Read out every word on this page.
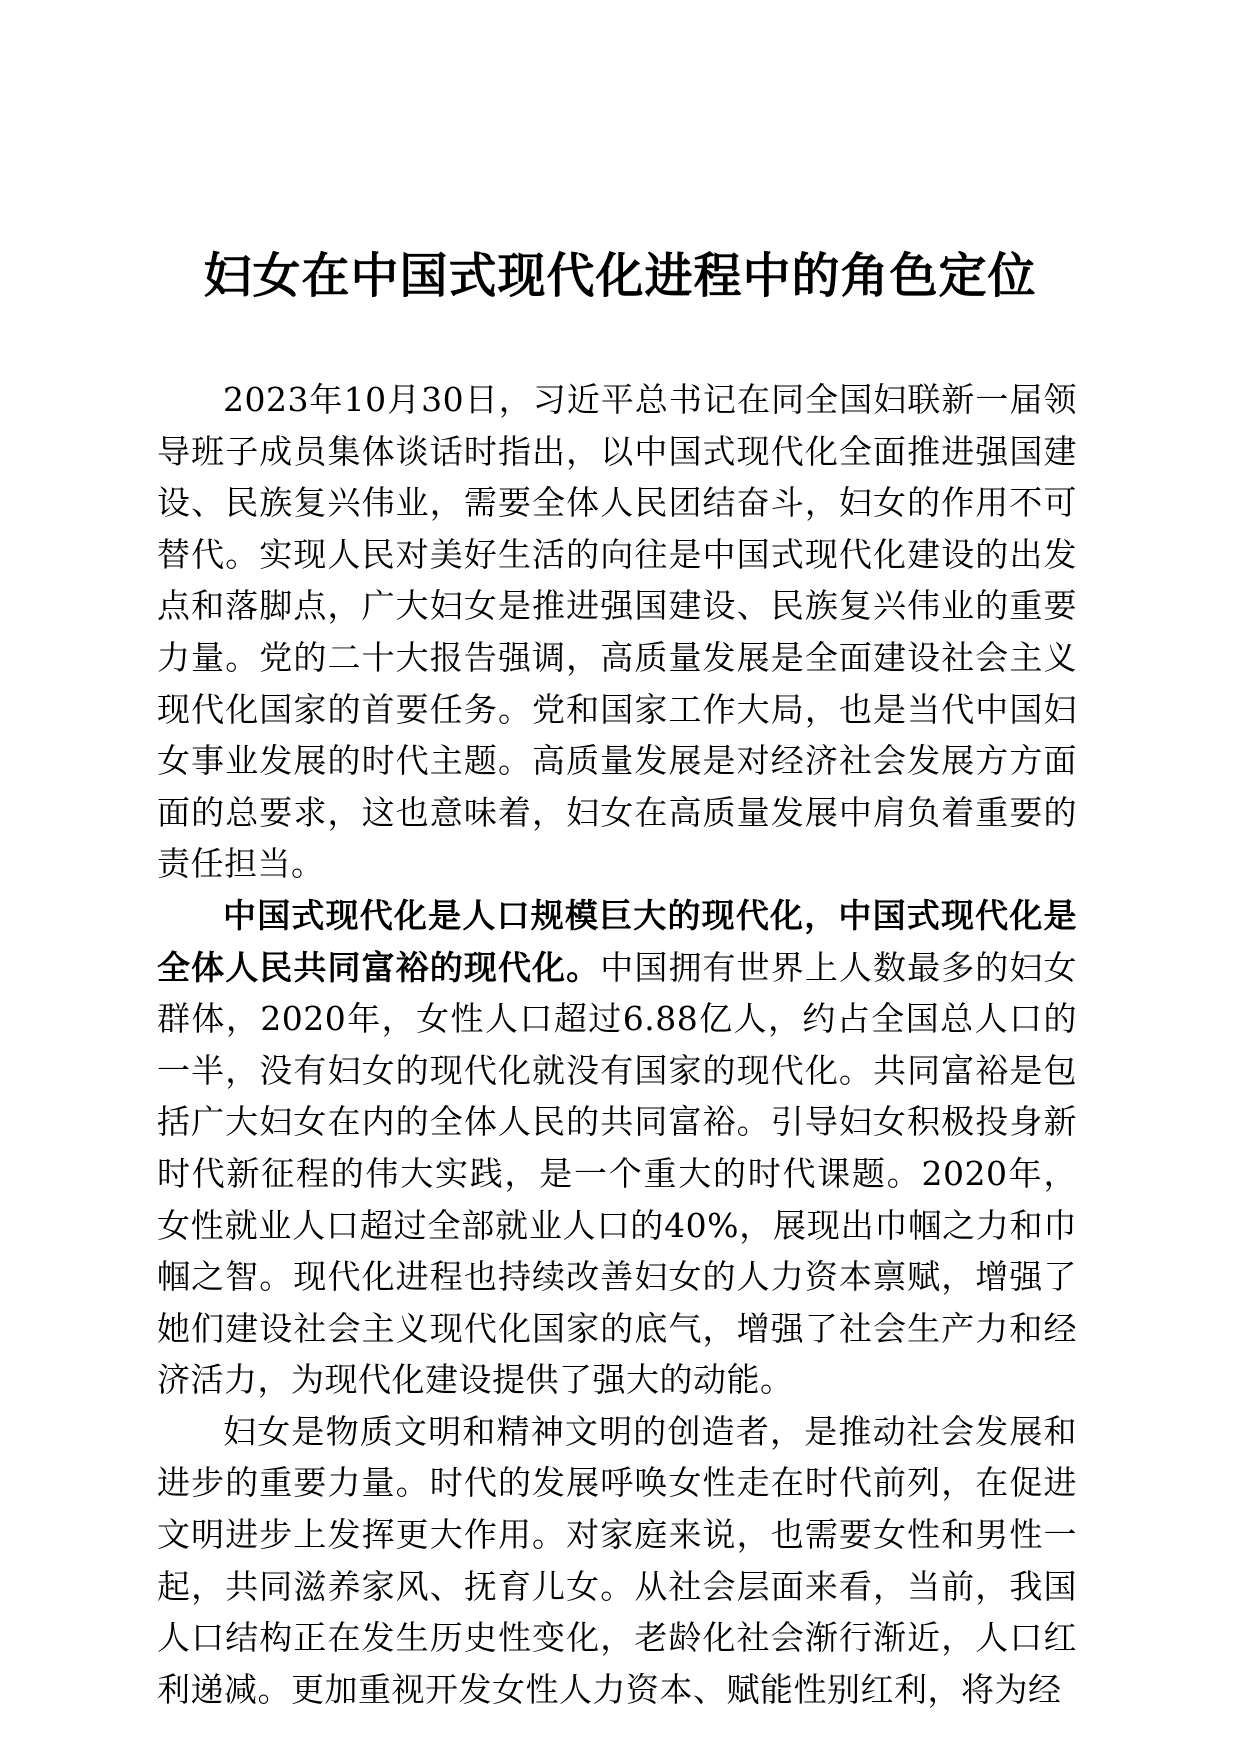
妇女在中国式现代化进程中的角色定位

2023年10月30日，习近平总书记在同全国妇联新一届领导班子成员集体谈话时指出，以中国式现代化全面推进强国建设、民族复兴伟业，需要全体人民团结奋斗，妇女的作用不可替代。实现人民对美好生活的向往是中国式现代化建设的出发点和落脚点，广大妇女是推进强国建设、民族复兴伟业的重要力量。党的二十大报告强调，高质量发展是全面建设社会主义现代化国家的首要任务。党和国家工作大局，也是当代中国妇女事业发展的时代主题。高质量发展是对经济社会发展方方面面的总要求，这也意味着，妇女在高质量发展中肩负着重要的责任担当。

中国式现代化是人口规模巨大的现代化，中国式现代化是全体人民共同富裕的现代化。中国拥有世界上人数最多的妇女群体，2020年，女性人口超过6.88亿人，约占全国总人口的一半，没有妇女的现代化就没有国家的现代化。共同富裕是包括广大妇女在内的全体人民的共同富裕。引导妇女积极投身新时代新征程的伟大实践，是一个重大的时代课题。2020年，女性就业人口超过全部就业人口的40%，展现出巾帼之力和巾帼之智。现代化进程也持续改善妇女的人力资本禀赋，增强了她们建设社会主义现代化国家的底气，增强了社会生产力和经济活力，为现代化建设提供了强大的动能。

妇女是物质文明和精神文明的创造者，是推动社会发展和进步的重要力量。时代的发展呼唤女性走在时代前列，在促进文明进步上发挥更大作用。对家庭来说，也需要女性和男性一起，共同滋养家风、抚育儿女。从社会层面来看，当前，我国人口结构正在发生历史性变化，老龄化社会渐行渐近，人口红利递减。更加重视开发女性人力资本、赋能性别红利，将为经
